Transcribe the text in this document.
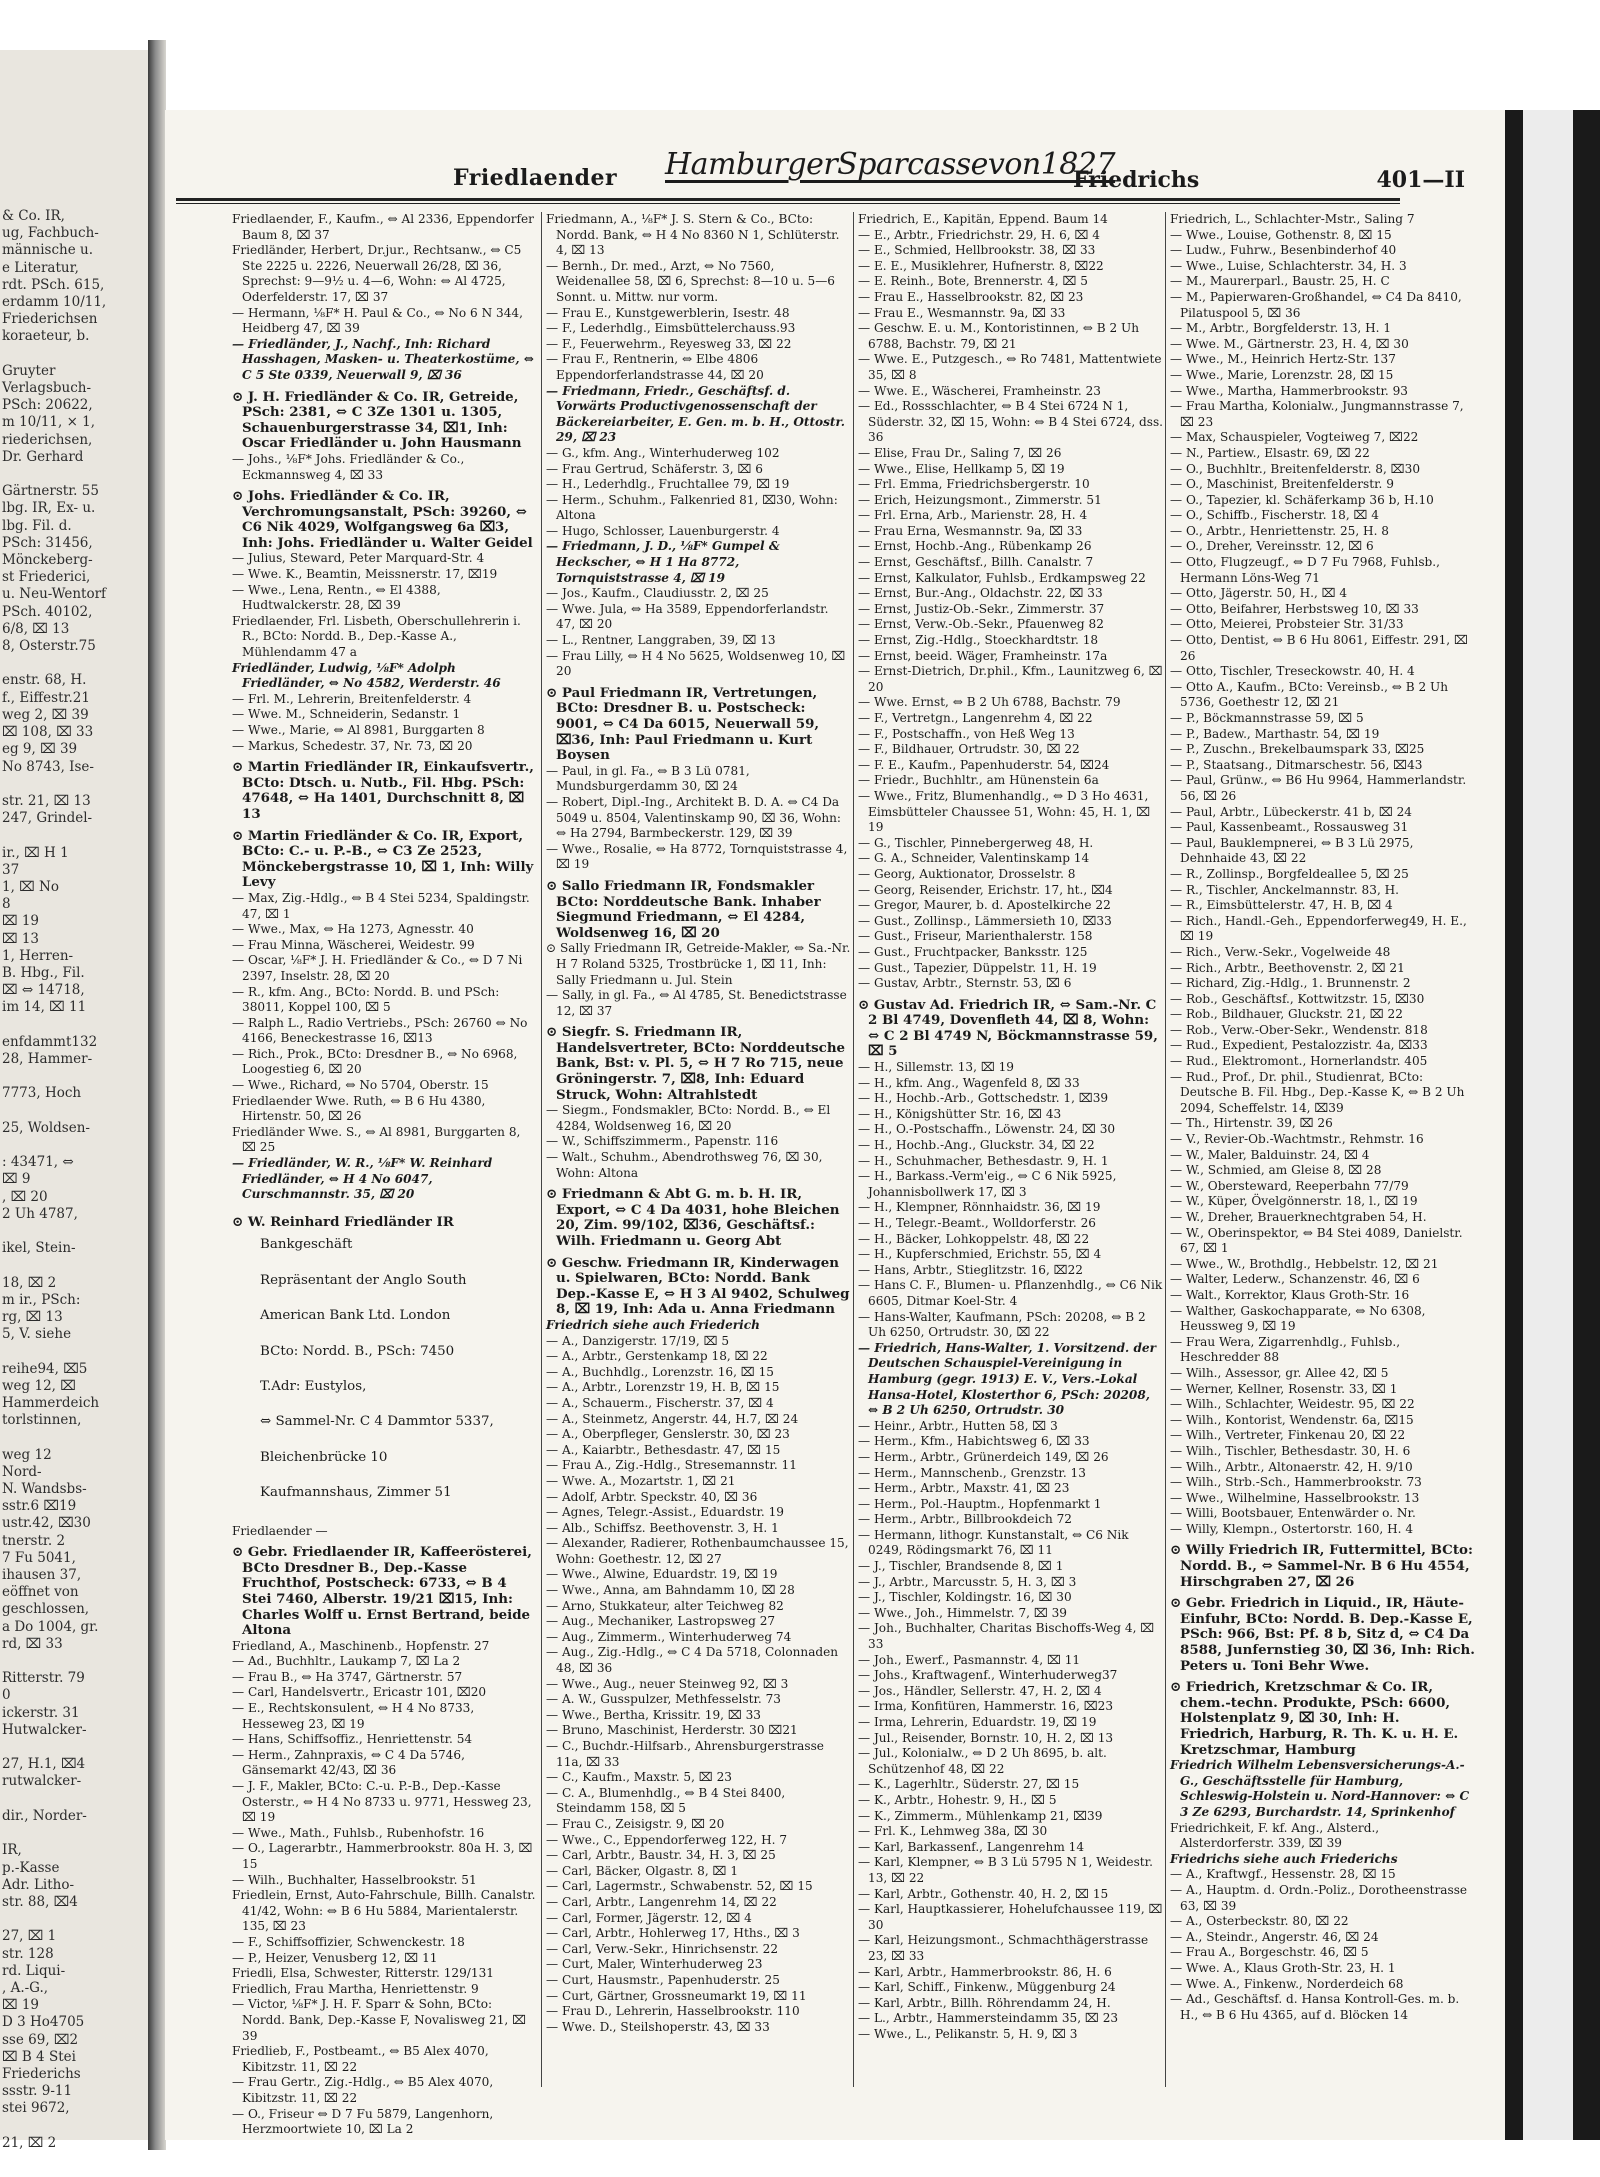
& Co. IR,
ug, Fachbuch-
männische u.
e Literatur,
rdt. PSch. 615,
erdamm 10/11,
Friederichsen
koraeteur, b.

Gruyter
Verlagsbuch-
PSch: 20622,
m 10/11, × 1,
riederichsen,
Dr. Gerhard

Gärtnerstr. 55
lbg. IR, Ex- u.
lbg. Fil. d.
PSch: 31456,
Mönckeberg-
st Friederici,
u. Neu-Wentorf
PSch. 40102,
6/8, ⌧ 13
8, Osterstr.75

enstr. 68, H.
f., Eiffestr.21
weg 2, ⌧ 39
⌧ 108, ⌧ 33
eg 9, ⌧ 39
No 8743, Ise-

str. 21, ⌧ 13
247, Grindel-

ir., ⌧ H 1
37
1, ⌧ No
8
⌧ 19
⌧ 13
1, Herren-
B. Hbg., Fil.
⌧ ⇔ 14718,
im 14, ⌧ 11

enfdammt132
28, Hammer-

7773, Hoch

25, Woldsen-

: 43471, ⇔
⌧ 9
, ⌧ 20
2 Uh 4787,

ikel, Stein-

18, ⌧ 2
m ir., PSch:
rg, ⌧ 13
5, V. siehe

reihe94, ⌧5
weg 12, ⌧
Hammerdeich
torlstinnen,

weg 12
Nord-
N. Wandsbs-
sstr.6 ⌧19
ustr.42, ⌧30
tnerstr. 2
7 Fu 5041,
ihausen 37,
eöffnet von
geschlossen,
a Do 1004, gr.
rd, ⌧ 33

Ritterstr. 79
0
ickerstr. 31
Hutwalcker-

27, H.1, ⌧4
rutwalcker-

dir., Norder-

IR,
p.-Kasse
Adr. Litho-
str. 88, ⌧4

27, ⌧ 1
str. 128
rd. Liqui-
, A.-G.,
⌧ 19
D 3 Ho4705
sse 69, ⌧2
⌧ B 4 Stei
Friederichs
ssstr. 9-11
stei 9672,

21, ⌧ 2
Friedlaender HamburgerSparcassevon1827
Friedrichs	401—II

Friedlaender, F., Kaufm., ⇔ Al 2336, Eppendorfer Baum 8, ⌧ 37

Friedländer, Herbert, Dr.jur., Rechtsanw., ⇔ C5 Ste 2225 u. 2226, Neuerwall 26/28, ⌧ 36, Sprechst: 9—9½ u. 4—6, Wohn: ⇔ Al 4725, Oderfelderstr. 17, ⌧ 37

— Hermann, ⅛F* H. Paul & Co., ⇔ No 6 N 344, Heidberg 47, ⌧ 39

— Friedländer, J., Nachf., Inh: Richard Hasshagen, Masken- u. Theaterkostüme, ⇔ C 5 Ste 0339, Neuerwall 9, ⌧ 36

⊙ J. H. Friedländer & Co. IR, Getreide, PSch: 2381, ⇔ C 3Ze 1301 u. 1305, Schauenburgerstrasse 34, ⌧1, Inh: Oscar Friedländer u. John Hausmann

— Johs., ⅛F* Johs. Friedländer & Co., Eckmannsweg 4, ⌧ 33

⊙ Johs. Friedländer & Co. IR, Verchromungsanstalt, PSch: 39260, ⇔ C6 Nik 4029, Wolfgangsweg 6a ⌧3, Inh: Johs. Friedländer u. Walter Geidel

— Julius, Steward, Peter Marquard-Str. 4

— Wwe. K., Beamtin, Meissnerstr. 17, ⌧19

— Wwe., Lena, Rentn., ⇔ El 4388, Hudtwalckerstr. 28, ⌧ 39

Friedlaender, Frl. Lisbeth, Oberschullehrerin i. R., BCto: Nordd. B., Dep.-Kasse A., Mühlendamm 47 a

Friedländer, Ludwig, ⅛F* Adolph Friedländer, ⇔ No 4582, Werderstr. 46

— Frl. M., Lehrerin, Breitenfelderstr. 4

— Wwe. M., Schneiderin, Sedanstr. 1

— Wwe., Marie, ⇔ Al 8981, Burggarten 8

— Markus, Schedestr. 37, Nr. 73, ⌧ 20

⊙ Martin Friedländer IR, Einkaufsvertr., BCto: Dtsch. u. Nutb., Fil. Hbg. PSch: 47648, ⇔ Ha 1401, Durchschnitt 8, ⌧ 13

⊙ Martin Friedländer & Co. IR, Export, BCto: C.- u. P.-B., ⇔ C3 Ze 2523, Mönckebergstrasse 10, ⌧ 1, Inh: Willy Levy

— Max, Zig.-Hdlg., ⇔ B 4 Stei 5234, Spaldingstr. 47, ⌧ 1

— Wwe., Max, ⇔ Ha 1273, Agnesstr. 40

— Frau Minna, Wäscherei, Weidestr. 99

— Oscar, ⅛F* J. H. Friedländer & Co., ⇔ D 7 Ni 2397, Inselstr. 28, ⌧ 20

— R., kfm. Ang., BCto: Nordd. B. und PSch: 38011, Koppel 100, ⌧ 5

— Ralph L., Radio Vertriebs., PSch: 26760 ⇔ No 4166, Beneckestrasse 16, ⌧13

— Rich., Prok., BCto: Dresdner B., ⇔ No 6968, Loogestieg 6, ⌧ 20

— Wwe., Richard, ⇔ No 5704, Oberstr. 15

Friedlaender Wwe. Ruth, ⇔ B 6 Hu 4380, Hirtenstr. 50, ⌧ 26

Friedländer Wwe. S., ⇔ Al 8981, Burggarten 8, ⌧ 25

— Friedländer, W. R., ⅛F* W. Reinhard Friedländer, ⇔ H 4 No 6047, Curschmannstr. 35, ⌧ 20

⊙ W. Reinhard Friedländer IR

Bankgeschäft

Repräsentant der Anglo South

American Bank Ltd. London

BCto: Nordd. B., PSch: 7450

T.Adr: Eustylos,

⇔ Sammel-Nr. C 4 Dammtor 5337,

Bleichenbrücke 10

Kaufmannshaus, Zimmer 51

Friedlaender —

⊙ Gebr. Friedlaender IR, Kaffeerösterei, BCto Dresdner B., Dep.-Kasse Fruchthof, Postscheck: 6733, ⇔ B 4 Stei 7460, Alberstr. 19/21 ⌧15, Inh: Charles Wolff u. Ernst Bertrand, beide Altona

Friedland, A., Maschinenb., Hopfenstr. 27

— Ad., Buchhltr., Laukamp 7, ⌧ La 2

— Frau B., ⇔ Ha 3747, Gärtnerstr. 57

— Carl, Handelsvertr., Ericastr 101, ⌧20

— E., Rechtskonsulent, ⇔ H 4 No 8733, Hesseweg 23, ⌧ 19

— Hans, Schiffsoffiz., Henriettenstr. 54

— Herm., Zahnpraxis, ⇔ C 4 Da 5746, Gänsemarkt 42/43, ⌧ 36

— J. F., Makler, BCto: C.-u. P.-B., Dep.-Kasse Osterstr., ⇔ H 4 No 8733 u. 9771, Hessweg 23, ⌧ 19

— Wwe., Math., Fuhlsb., Rubenhofstr. 16

— O., Lagerarbtr., Hammerbrookstr. 80a H. 3, ⌧ 15

— Wilh., Buchhalter, Hasselbrookstr. 51

Friedlein, Ernst, Auto-Fahrschule, Billh. Canalstr. 41/42, Wohn: ⇔ B 6 Hu 5884, Marientalerstr. 135, ⌧ 23

— F., Schiffsoffizier, Schwenckestr. 18

— P., Heizer, Venusberg 12, ⌧ 11

Friedli, Elsa, Schwester, Ritterstr. 129/131

Friedlich, Frau Martha, Henriettenstr. 9

— Victor, ⅛F* J. H. F. Sparr & Sohn, BCto: Nordd. Bank, Dep.-Kasse F, Novalisweg 21, ⌧ 39

Friedlieb, F., Postbeamt., ⇔ B5 Alex 4070, Kibitzstr. 11, ⌧ 22

— Frau Gertr., Zig.-Hdlg., ⇔ B5 Alex 4070, Kibitzstr. 11, ⌧ 22

— O., Friseur ⇔ D 7 Fu 5879, Langenhorn, Herzmoortwiete 10, ⌧ La 2

Friedmann, A., ⅛F* J. S. Stern & Co., BCto: Nordd. Bank, ⇔ H 4 No 8360 N 1, Schlüterstr. 4, ⌧ 13

— Bernh., Dr. med., Arzt, ⇔ No 7560, Weidenallee 58, ⌧ 6, Sprechst: 8—10 u. 5—6 Sonnt. u. Mittw. nur vorm.

— Frau E., Kunstgewerblerin, Isestr. 48

— F., Lederhdlg., Eimsbüttelerchauss.93

— F., Feuerwehrm., Reyesweg 33, ⌧ 22

— Frau F., Rentnerin, ⇔ Elbe 4806 Eppendorferlandstrasse 44, ⌧ 20

— Friedmann, Friedr., Geschäftsf. d. Vorwärts Productivgenossenschaft der Bäckereiarbeiter, E. Gen. m. b. H., Ottostr. 29, ⌧ 23

— G., kfm. Ang., Winterhuderweg 102

— Frau Gertrud, Schäferstr. 3, ⌧ 6

— H., Lederhdlg., Fruchtallee 79, ⌧ 19

— Herm., Schuhm., Falkenried 81, ⌧30, Wohn: Altona

— Hugo, Schlosser, Lauenburgerstr. 4

— Friedmann, J. D., ⅛F* Gumpel & Heckscher, ⇔ H 1 Ha 8772, Tornquiststrasse 4, ⌧ 19

— Jos., Kaufm., Claudiusstr. 2, ⌧ 25

— Wwe. Jula, ⇔ Ha 3589, Eppendorferlandstr. 47, ⌧ 20

— L., Rentner, Langgraben, 39, ⌧ 13

— Frau Lilly, ⇔ H 4 No 5625, Woldsenweg 10, ⌧ 20

⊙ Paul Friedmann IR, Vertretungen, BCto: Dresdner B. u. Postscheck: 9001, ⇔ C4 Da 6015, Neuerwall 59, ⌧36, Inh: Paul Friedmann u. Kurt Boysen

— Paul, in gl. Fa., ⇔ B 3 Lü 0781, Mundsburgerdamm 30, ⌧ 24

— Robert, Dipl.-Ing., Architekt B. D. A. ⇔ C4 Da 5049 u. 8504, Valentinskamp 90, ⌧ 36, Wohn: ⇔ Ha 2794, Barmbeckerstr. 129, ⌧ 39

— Wwe., Rosalie, ⇔ Ha 8772, Tornquiststrasse 4, ⌧ 19

⊙ Sallo Friedmann IR, Fondsmakler BCto: Norddeutsche Bank. Inhaber Siegmund Friedmann, ⇔ El 4284, Woldsenweg 16, ⌧ 20

⊙ Sally Friedmann IR, Getreide-Makler, ⇔ Sa.-Nr. H 7 Roland 5325, Trostbrücke 1, ⌧ 11, Inh: Sally Friedmann u. Jul. Stein

— Sally, in gl. Fa., ⇔ Al 4785, St. Benedictstrasse 12, ⌧ 37

⊙ Siegfr. S. Friedmann IR, Handelsvertreter, BCto: Norddeutsche Bank, Bst: v. Pl. 5, ⇔ H 7 Ro 715, neue Gröningerstr. 7, ⌧8, Inh: Eduard Struck, Wohn: Altrahlstedt

— Siegm., Fondsmakler, BCto: Nordd. B., ⇔ El 4284, Woldsenweg 16, ⌧ 20

— W., Schiffszimmerm., Papenstr. 116

— Walt., Schuhm., Abendrothsweg 76, ⌧ 30, Wohn: Altona

⊙ Friedmann & Abt G. m. b. H. IR, Export, ⇔ C 4 Da 4031, hohe Bleichen 20, Zim. 99/102, ⌧36, Geschäftsf.: Wilh. Friedmann u. Georg Abt

⊙ Geschw. Friedmann IR, Kinderwagen u. Spielwaren, BCto: Nordd. Bank Dep.-Kasse E, ⇔ H 3 Al 9402, Schulweg 8, ⌧ 19, Inh: Ada u. Anna Friedmann

Friedrich siehe auch Friederich

— A., Danzigerstr. 17/19, ⌧ 5

— A., Arbtr., Gerstenkamp 18, ⌧ 22

— A., Buchhdlg., Lorenzstr. 16, ⌧ 15

— A., Arbtr., Lorenzstr 19, H. B, ⌧ 15

— A., Schauerm., Fischerstr. 37, ⌧ 4

— A., Steinmetz, Angerstr. 44, H.7, ⌧ 24

— A., Oberpfleger, Genslerstr. 30, ⌧ 23

— A., Kaiarbtr., Bethesdastr. 47, ⌧ 15

— Frau A., Zig.-Hdlg., Stresemannstr. 11

— Wwe. A., Mozartstr. 1, ⌧ 21

— Adolf, Arbtr. Speckstr. 40, ⌧ 36

— Agnes, Telegr.-Assist., Eduardstr. 19

— Alb., Schiffsz. Beethovenstr. 3, H. 1

— Alexander, Radierer, Rothenbaumchaussee 15, Wohn: Goethestr. 12, ⌧ 27

— Wwe., Alwine, Eduardstr. 19, ⌧ 19

— Wwe., Anna, am Bahndamm 10, ⌧ 28

— Arno, Stukkateur, alter Teichweg 82

— Aug., Mechaniker, Lastropsweg 27

— Aug., Zimmerm., Winterhuderweg 74

— Aug., Zig.-Hdlg., ⇔ C 4 Da 5718, Colonnaden 48, ⌧ 36

— Wwe., Aug., neuer Steinweg 92, ⌧ 3

— A. W., Gusspulzer, Methfesselstr. 73

— Wwe., Bertha, Krissitr. 19, ⌧ 33

— Bruno, Maschinist, Herderstr. 30 ⌧21

— C., Buchdr.-Hilfsarb., Ahrensburgerstrasse 11a, ⌧ 33

— C., Kaufm., Maxstr. 5, ⌧ 23

— C. A., Blumenhdlg., ⇔ B 4 Stei 8400, Steindamm 158, ⌧ 5

— Frau C., Zeisigstr. 9, ⌧ 20

— Wwe., C., Eppendorferweg 122, H. 7

— Carl, Arbtr., Baustr. 34, H. 3, ⌧ 25

— Carl, Bäcker, Olgastr. 8, ⌧ 1

— Carl, Lagermstr., Schwabenstr. 52, ⌧ 15

— Carl, Arbtr., Langenrehm 14, ⌧ 22

— Carl, Former, Jägerstr. 12, ⌧ 4

— Carl, Arbtr., Hohlerweg 17, Hths., ⌧ 3

— Carl, Verw.-Sekr., Hinrichsenstr. 22

— Curt, Maler, Winterhuderweg 23

— Curt, Hausmstr., Papenhuderstr. 25

— Curt, Gärtner, Grossneumarkt 19, ⌧ 11

— Frau D., Lehrerin, Hasselbrookstr. 110

— Wwe. D., Steilshoperstr. 43, ⌧ 33

Friedrich, E., Kapitän, Eppend. Baum 14

— E., Arbtr., Friedrichstr. 29, H. 6, ⌧ 4

— E., Schmied, Hellbrookstr. 38, ⌧ 33

— E. E., Musiklehrer, Hufnerstr. 8, ⌧22

— E. Reinh., Bote, Brennerstr. 4, ⌧ 5

— Frau E., Hasselbrookstr. 82, ⌧ 23

— Frau E., Wesmannstr. 9a, ⌧ 33

— Geschw. E. u. M., Kontoristinnen, ⇔ B 2 Uh 6788, Bachstr. 79, ⌧ 21

— Wwe. E., Putzgesch., ⇔ Ro 7481, Mattentwiete 35, ⌧ 8

— Wwe. E., Wäscherei, Framheinstr. 23

— Ed., Rossschlachter, ⇔ B 4 Stei 6724 N 1, Süderstr. 32, ⌧ 15, Wohn: ⇔ B 4 Stei 6724, dss. 36

— Elise, Frau Dr., Saling 7, ⌧ 26

— Wwe., Elise, Hellkamp 5, ⌧ 19

— Frl. Emma, Friedrichsbergerstr. 10

— Erich, Heizungsmont., Zimmerstr. 51

— Frl. Erna, Arb., Marienstr. 28, H. 4

— Frau Erna, Wesmannstr. 9a, ⌧ 33

— Ernst, Hochb.-Ang., Rübenkamp 26

— Ernst, Geschäftsf., Billh. Canalstr. 7

— Ernst, Kalkulator, Fuhlsb., Erdkampsweg 22

— Ernst, Bur.-Ang., Oldachstr. 22, ⌧ 33

— Ernst, Justiz-Ob.-Sekr., Zimmerstr. 37

— Ernst, Verw.-Ob.-Sekr., Pfauenweg 82

— Ernst, Zig.-Hdlg., Stoeckhardtstr. 18

— Ernst, beeid. Wäger, Framheinstr. 17a

— Ernst-Dietrich, Dr.phil., Kfm., Launitzweg 6, ⌧ 20

— Wwe. Ernst, ⇔ B 2 Uh 6788, Bachstr. 79

— F., Vertretgn., Langenrehm 4, ⌧ 22

— F., Postschaffn., von Heß Weg 13

— F., Bildhauer, Ortrudstr. 30, ⌧ 22

— F. E., Kaufm., Papenhuderstr. 54, ⌧24

— Friedr., Buchhltr., am Hünenstein 6a

— Wwe., Fritz, Blumenhandlg., ⇔ D 3 Ho 4631, Eimsbütteler Chaussee 51, Wohn: 45, H. 1, ⌧ 19

— G., Tischler, Pinnebergerweg 48, H.

— G. A., Schneider, Valentinskamp 14

— Georg, Auktionator, Drosselstr. 8

— Georg, Reisender, Erichstr. 17, ht., ⌧4

— Gregor, Maurer, b. d. Apostelkirche 22

— Gust., Zollinsp., Lämmersieth 10, ⌧33

— Gust., Friseur, Marienthalerstr. 158

— Gust., Fruchtpacker, Banksstr. 125

— Gust., Tapezier, Düppelstr. 11, H. 19

— Gustav, Arbtr., Sternstr. 53, ⌧ 6

⊙ Gustav Ad. Friedrich IR, ⇔ Sam.-Nr. C 2 Bl 4749, Dovenfleth 44, ⌧ 8, Wohn: ⇔ C 2 Bl 4749 N, Böckmannstrasse 59, ⌧ 5

— H., Sillemstr. 13, ⌧ 19

— H., kfm. Ang., Wagenfeld 8, ⌧ 33

— H., Hochb.-Arb., Gottschedstr. 1, ⌧39

— H., Königshütter Str. 16, ⌧ 43

— H., O.-Postschaffn., Löwenstr. 24, ⌧ 30

— H., Hochb.-Ang., Gluckstr. 34, ⌧ 22

— H., Schuhmacher, Bethesdastr. 9, H. 1

— H., Barkass.-Verm'eig., ⇔ C 6 Nik 5925, Johannisbollwerk 17, ⌧ 3

— H., Klempner, Rönnhaidstr. 36, ⌧ 19

— H., Telegr.-Beamt., Wolldorferstr. 26

— H., Bäcker, Lohkoppelstr. 48, ⌧ 22

— H., Kupferschmied, Erichstr. 55, ⌧ 4

— Hans, Arbtr., Stieglitzstr. 16, ⌧22

— Hans C. F., Blumen- u. Pflanzenhdlg., ⇔ C6 Nik 6605, Ditmar Koel-Str. 4

— Hans-Walter, Kaufmann, PSch: 20208, ⇔ B 2 Uh 6250, Ortrudstr. 30, ⌧ 22

— Friedrich, Hans-Walter, 1. Vorsitzend. der Deutschen Schauspiel-Vereinigung in Hamburg (gegr. 1913) E. V., Vers.-Lokal Hansa-Hotel, Klosterthor 6, PSch: 20208, ⇔ B 2 Uh 6250, Ortrudstr. 30

— Heinr., Arbtr., Hutten 58, ⌧ 3

— Herm., Kfm., Habichtsweg 6, ⌧ 33

— Herm., Arbtr., Grünerdeich 149, ⌧ 26

— Herm., Mannschenb., Grenzstr. 13

— Herm., Arbtr., Maxstr. 41, ⌧ 23

— Herm., Pol.-Hauptm., Hopfenmarkt 1

— Herm., Arbtr., Billbrookdeich 72

— Hermann, lithogr. Kunstanstalt, ⇔ C6 Nik 0249, Rödingsmarkt 76, ⌧ 11

— J., Tischler, Brandsende 8, ⌧ 1

— J., Arbtr., Marcusstr. 5, H. 3, ⌧ 3

— J., Tischler, Koldingstr. 16, ⌧ 30

— Wwe., Joh., Himmelstr. 7, ⌧ 39

— Joh., Buchhalter, Charitas Bischoffs-Weg 4, ⌧ 33

— Joh., Ewerf., Pasmannstr. 4, ⌧ 11

— Johs., Kraftwagenf., Winterhuderweg37

— Jos., Händler, Sellerstr. 47, H. 2, ⌧ 4

— Irma, Konfitüren, Hammerstr. 16, ⌧23

— Irma, Lehrerin, Eduardstr. 19, ⌧ 19

— Jul., Reisender, Bornstr. 10, H. 2, ⌧ 13

— Jul., Kolonialw., ⇔ D 2 Uh 8695, b. alt. Schützenhof 48, ⌧ 22

— K., Lagerhltr., Süderstr. 27, ⌧ 15

— K., Arbtr., Hohestr. 9, H., ⌧ 5

— K., Zimmerm., Mühlenkamp 21, ⌧39

— Frl. K., Lehmweg 38a, ⌧ 30

— Karl, Barkassenf., Langenrehm 14

— Karl, Klempner, ⇔ B 3 Lü 5795 N 1, Weidestr. 13, ⌧ 22

— Karl, Arbtr., Gothenstr. 40, H. 2, ⌧ 15

— Karl, Hauptkassierer, Hohelufchaussee 119, ⌧ 30

— Karl, Heizungsmont., Schmachthägerstrasse 23, ⌧ 33

— Karl, Arbtr., Hammerbrookstr. 86, H. 6

— Karl, Schiff., Finkenw., Müggenburg 24

— Karl, Arbtr., Billh. Röhrendamm 24, H.

— L., Arbtr., Hammersteindamm 35, ⌧ 23

— Wwe., L., Pelikanstr. 5, H. 9, ⌧ 3

Friedrich, L., Schlachter-Mstr., Saling 7

— Wwe., Louise, Gothenstr. 8, ⌧ 15

— Ludw., Fuhrw., Besenbinderhof 40

— Wwe., Luise, Schlachterstr. 34, H. 3

— M., Maurerparl., Baustr. 25, H. C

— M., Papierwaren-Großhandel, ⇔ C4 Da 8410, Pilatuspool 5, ⌧ 36

— M., Arbtr., Borgfelderstr. 13, H. 1

— Wwe. M., Gärtnerstr. 23, H. 4, ⌧ 30

— Wwe., M., Heinrich Hertz-Str. 137

— Wwe., Marie, Lorenzstr. 28, ⌧ 15

— Wwe., Martha, Hammerbrookstr. 93

— Frau Martha, Kolonialw., Jungmannstrasse 7, ⌧ 23

— Max, Schauspieler, Vogteiweg 7, ⌧22

— N., Partiew., Elsastr. 69, ⌧ 22

— O., Buchhltr., Breitenfelderstr. 8, ⌧30

— O., Maschinist, Breitenfelderstr. 9

— O., Tapezier, kl. Schäferkamp 36 b, H.10

— O., Schiffb., Fischerstr. 18, ⌧ 4

— O., Arbtr., Henriettenstr. 25, H. 8

— O., Dreher, Vereinsstr. 12, ⌧ 6

— Otto, Flugzeugf., ⇔ D 7 Fu 7968, Fuhlsb., Hermann Löns-Weg 71

— Otto, Jägerstr. 50, H., ⌧ 4

— Otto, Beifahrer, Herbstsweg 10, ⌧ 33

— Otto, Meierei, Probsteier Str. 31/33

— Otto, Dentist, ⇔ B 6 Hu 8061, Eiffestr. 291, ⌧ 26

— Otto, Tischler, Treseckowstr. 40, H. 4

— Otto A., Kaufm., BCto: Vereinsb., ⇔ B 2 Uh 5736, Goethestr 12, ⌧ 21

— P., Böckmannstrasse 59, ⌧ 5

— P., Badew., Marthastr. 54, ⌧ 19

— P., Zuschn., Brekelbaumspark 33, ⌧25

— P., Staatsang., Ditmarschestr. 56, ⌧43

— Paul, Grünw., ⇔ B6 Hu 9964, Hammerlandstr. 56, ⌧ 26

— Paul, Arbtr., Lübeckerstr. 41 b, ⌧ 24

— Paul, Kassenbeamt., Rossausweg 31

— Paul, Bauklempnerei, ⇔ B 3 Lü 2975, Dehnhaide 43, ⌧ 22

— R., Zollinsp., Borgfeldeallee 5, ⌧ 25

— R., Tischler, Anckelmannstr. 83, H.

— R., Eimsbüttelerstr. 47, H. B, ⌧ 4

— Rich., Handl.-Geh., Eppendorferweg49, H. E., ⌧ 19

— Rich., Verw.-Sekr., Vogelweide 48

— Rich., Arbtr., Beethovenstr. 2, ⌧ 21

— Richard, Zig.-Hdlg., 1. Brunnenstr. 2

— Rob., Geschäftsf., Kottwitzstr. 15, ⌧30

— Rob., Bildhauer, Gluckstr. 21, ⌧ 22

— Rob., Verw.-Ober-Sekr., Wendenstr. 818

— Rud., Expedient, Pestalozzistr. 4a, ⌧33

— Rud., Elektromont., Hornerlandstr. 405

— Rud., Prof., Dr. phil., Studienrat, BCto: Deutsche B. Fil. Hbg., Dep.-Kasse K, ⇔ B 2 Uh 2094, Scheffelstr. 14, ⌧39

— Th., Hirtenstr. 39, ⌧ 26

— V., Revier-Ob.-Wachtmstr., Rehmstr. 16

— W., Maler, Balduinstr. 24, ⌧ 4

— W., Schmied, am Gleise 8, ⌧ 28

— W., Obersteward, Reeperbahn 77/79

— W., Küper, Övelgönnerstr. 18, l., ⌧ 19

— W., Dreher, Brauerknechtgraben 54, H.

— W., Oberinspektor, ⇔ B4 Stei 4089, Danielstr. 67, ⌧ 1

— Wwe., W., Brothdlg., Hebbelstr. 12, ⌧ 21

— Walter, Lederw., Schanzenstr. 46, ⌧ 6

— Walt., Korrektor, Klaus Groth-Str. 16

— Walther, Gaskochapparate, ⇔ No 6308, Heussweg 9, ⌧ 19

— Frau Wera, Zigarrenhdlg., Fuhlsb., Heschredder 88

— Wilh., Assessor, gr. Allee 42, ⌧ 5

— Werner, Kellner, Rosenstr. 33, ⌧ 1

— Wilh., Schlachter, Weidestr. 95, ⌧ 22

— Wilh., Kontorist, Wendenstr. 6a, ⌧15

— Wilh., Vertreter, Finkenau 20, ⌧ 22

— Wilh., Tischler, Bethesdastr. 30, H. 6

— Wilh., Arbtr., Altonaerstr. 42, H. 9/10

— Wilh., Strb.-Sch., Hammerbrookstr. 73

— Wwe., Wilhelmine, Hasselbrookstr. 13

— Willi, Bootsbauer, Entenwärder o. Nr.

— Willy, Klempn., Ostertorstr. 160, H. 4

⊙ Willy Friedrich IR, Futtermittel, BCto: Nordd. B., ⇔ Sammel-Nr. B 6 Hu 4554, Hirschgraben 27, ⌧ 26

⊙ Gebr. Friedrich in Liquid., IR, Häute-Einfuhr, BCto: Nordd. B. Dep.-Kasse E, PSch: 966, Bst: Pf. 8 b, Sitz d, ⇔ C4 Da 8588, Junfernstieg 30, ⌧ 36, Inh: Rich. Peters u. Toni Behr Wwe.

⊙ Friedrich, Kretzschmar & Co. IR, chem.-techn. Produkte, PSch: 6600, Holstenplatz 9, ⌧ 30, Inh: H. Friedrich, Harburg, R. Th. K. u. H. E. Kretzschmar, Hamburg

Friedrich Wilhelm Lebensversicherungs-A.-G., Geschäftsstelle für Hamburg, Schleswig-Holstein u. Nord-Hannover: ⇔ C 3 Ze 6293, Burchardstr. 14, Sprinkenhof

Friedrichkeit, F. kf. Ang., Alsterd., Alsterdorferstr. 339, ⌧ 39

Friedrichs siehe auch Friederichs

— A., Kraftwgf., Hessenstr. 28, ⌧ 15

— A., Hauptm. d. Ordn.-Poliz., Dorotheenstrasse 63, ⌧ 39

— A., Osterbeckstr. 80, ⌧ 22

— A., Steindr., Angerstr. 46, ⌧ 24

— Frau A., Borgeschstr. 46, ⌧ 5

— Wwe. A., Klaus Groth-Str. 23, H. 1

— Wwe. A., Finkenw., Norderdeich 68

— Ad., Geschäftsf. d. Hansa Kontroll-Ges. m. b. H., ⇔ B 6 Hu 4365, auf d. Blöcken 14
